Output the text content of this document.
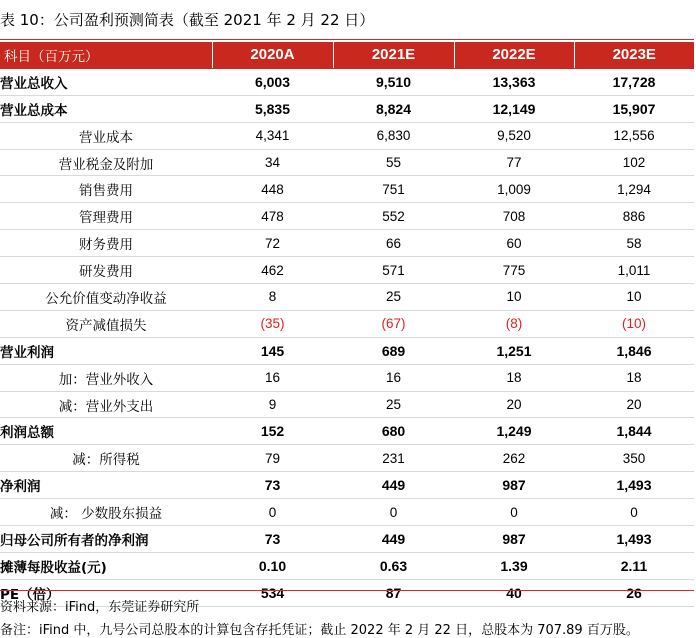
表 10：公司盈利预测简表（截至 2021 年 2 月 22 日）
科目（百万元）	2020A	2021E	2022E	2023E
营业总收入	6,003	9,510	13,363	17,728
营业总成本	5,835	8,824	12,149	15,907
营业成本	4,341	6,830	9,520	12,556
营业税金及附加	34	55	77	102
销售费用	448	751	1,009	1,294
管理费用	478	552	708	886
财务费用	72	66	60	58
研发费用	462	571	775	1,011
公允价值变动净收益	8	25	10	10
资产减值损失	(35)	(67)	(8)	(10)
营业利润	145	689	1,251	1,846
加：营业外收入	16	16	18	18
减：营业外支出	9	25	20	20
利润总额	152	680	1,249	1,844
减：所得税	79	231	262	350
净利润	73	449	987	1,493
减： 少数股东损益	0	0	0	0
归母公司所有者的净利润	73	449	987	1,493
摊薄每股收益(元)	0.10	0.63	1.39	2.11
PE（倍）	534	87	40	26
资料来源：iFind，东莞证券研究所
备注：iFind 中，九号公司总股本的计算包含存托凭证；截止 2022 年 2 月 22 日，总股本为 707.89 百万股。
